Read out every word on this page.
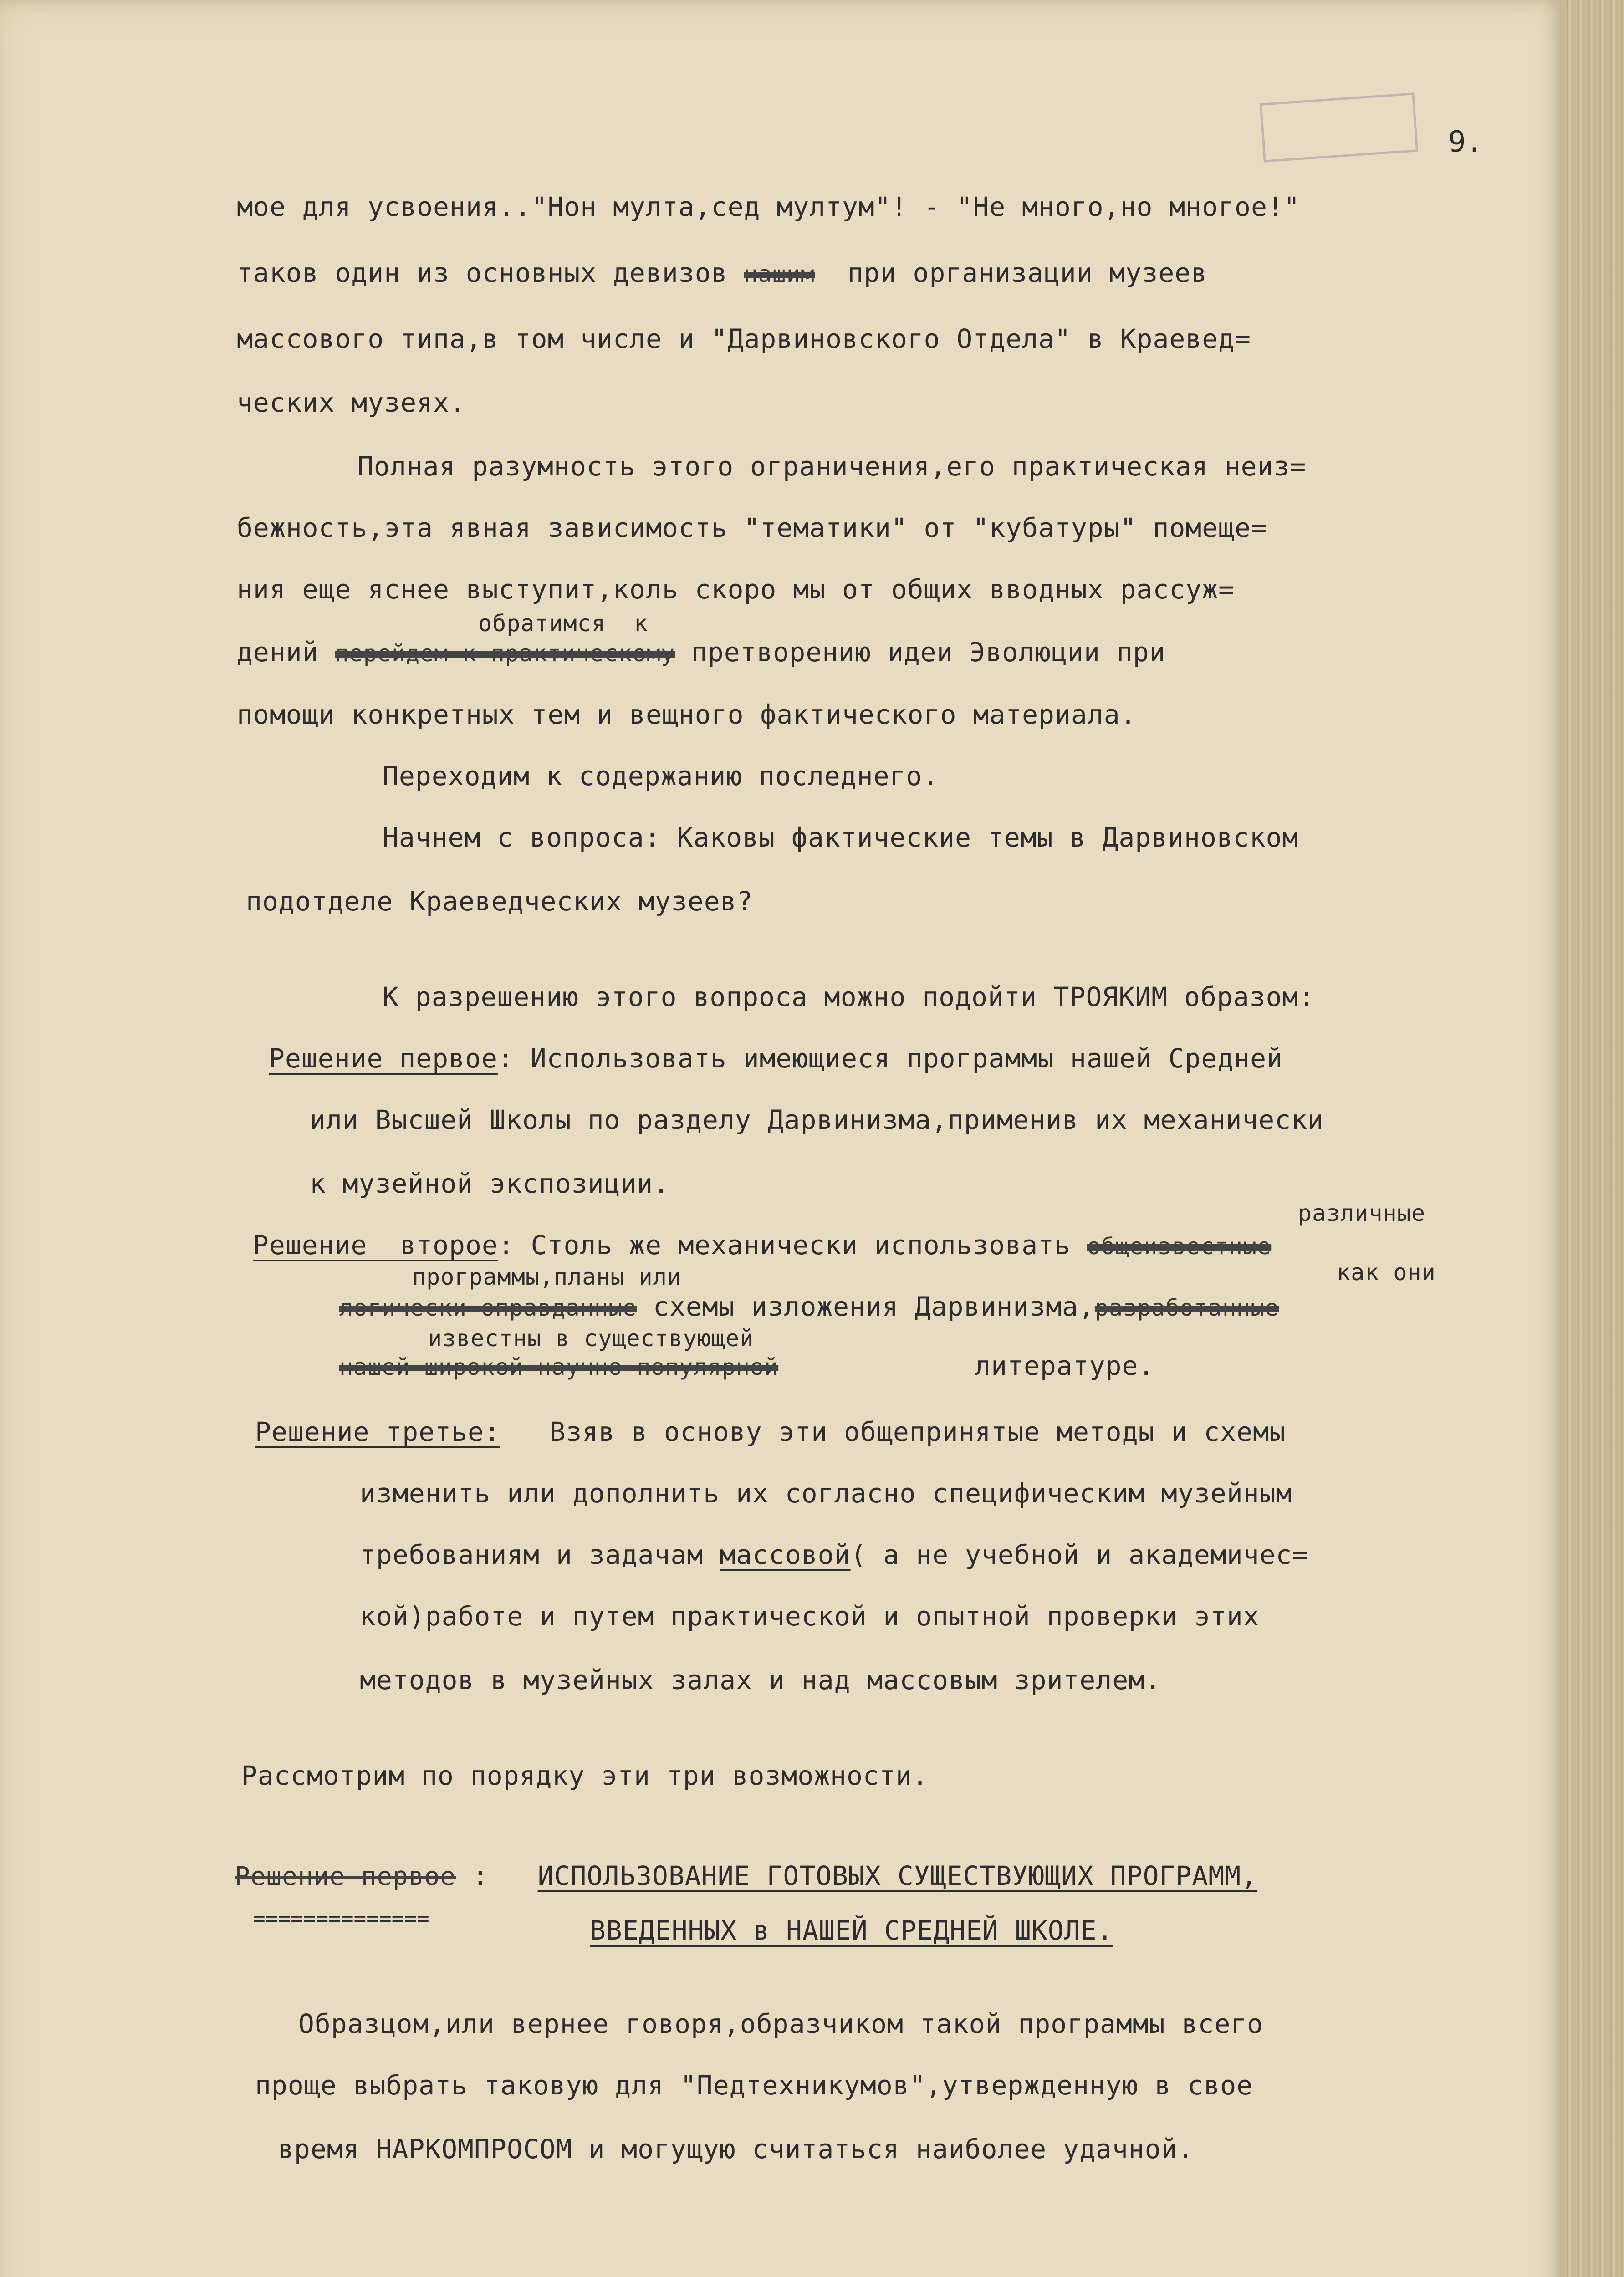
9.
мое для усвоения.."Нон мулта,сед мултум"! - "Не много,но многое!"
таков один из основных девизов нашим при организации музеев
массового типа,в том числе и "Дарвиновского Отдела" в Краевед=
ческих музеях.
Полная разумность этого ограничения,его практическая неиз=
бежность,эта явная зависимость "тематики" от "кубатуры" помеще=
ния еще яснее выступит,коль скоро мы от общих вводных рассуж=
обратимся  к
дений перейдем к практическому претворению идеи Эволюции при
помощи конкретных тем и вещного фактического материала.
Переходим к содержанию последнего.
Начнем с вопроса: Каковы фактические темы в Дарвиновском
подотделе Краеведческих музеев?
К разрешению этого вопроса можно подойти ТРОЯКИМ образом:
Решение первое: Использовать имеющиеся программы нашей Средней
или Высшей Школы по разделу Дарвинизма,применив их механически
к музейной экспозиции.
различные
Решение  второе: Столь же механически использовать общеизвестные
программы,планы или	как они
логически оправданные схемы изложения Дарвинизма,разработанные
известны в существующей
нашей широкой научно-популярной	литературе.
Решение третье: Взяв в основу эти общепринятые методы и схемы
изменить или дополнить их согласно специфическим музейным
требованиям и задачам массовой( а не учебной и академичес=
кой)работе и путем практической и опытной проверки этих
методов в музейных залах и над массовым зрителем.
Рассмотрим по порядку эти три возможности.
Решение первое : ИСПОЛЬЗОВАНИЕ ГОТОВЫХ СУЩЕСТВУЮЩИХ ПРОГРАММ,
==============	ВВЕДЕННЫХ в НАШЕЙ СРЕДНЕЙ ШКОЛЕ.
Образцом,или вернее говоря,образчиком такой программы всего
проще выбрать таковую для "Педтехникумов",утвержденную в свое
время НАРКОМПРОСОМ и могущую считаться наиболее удачной.
